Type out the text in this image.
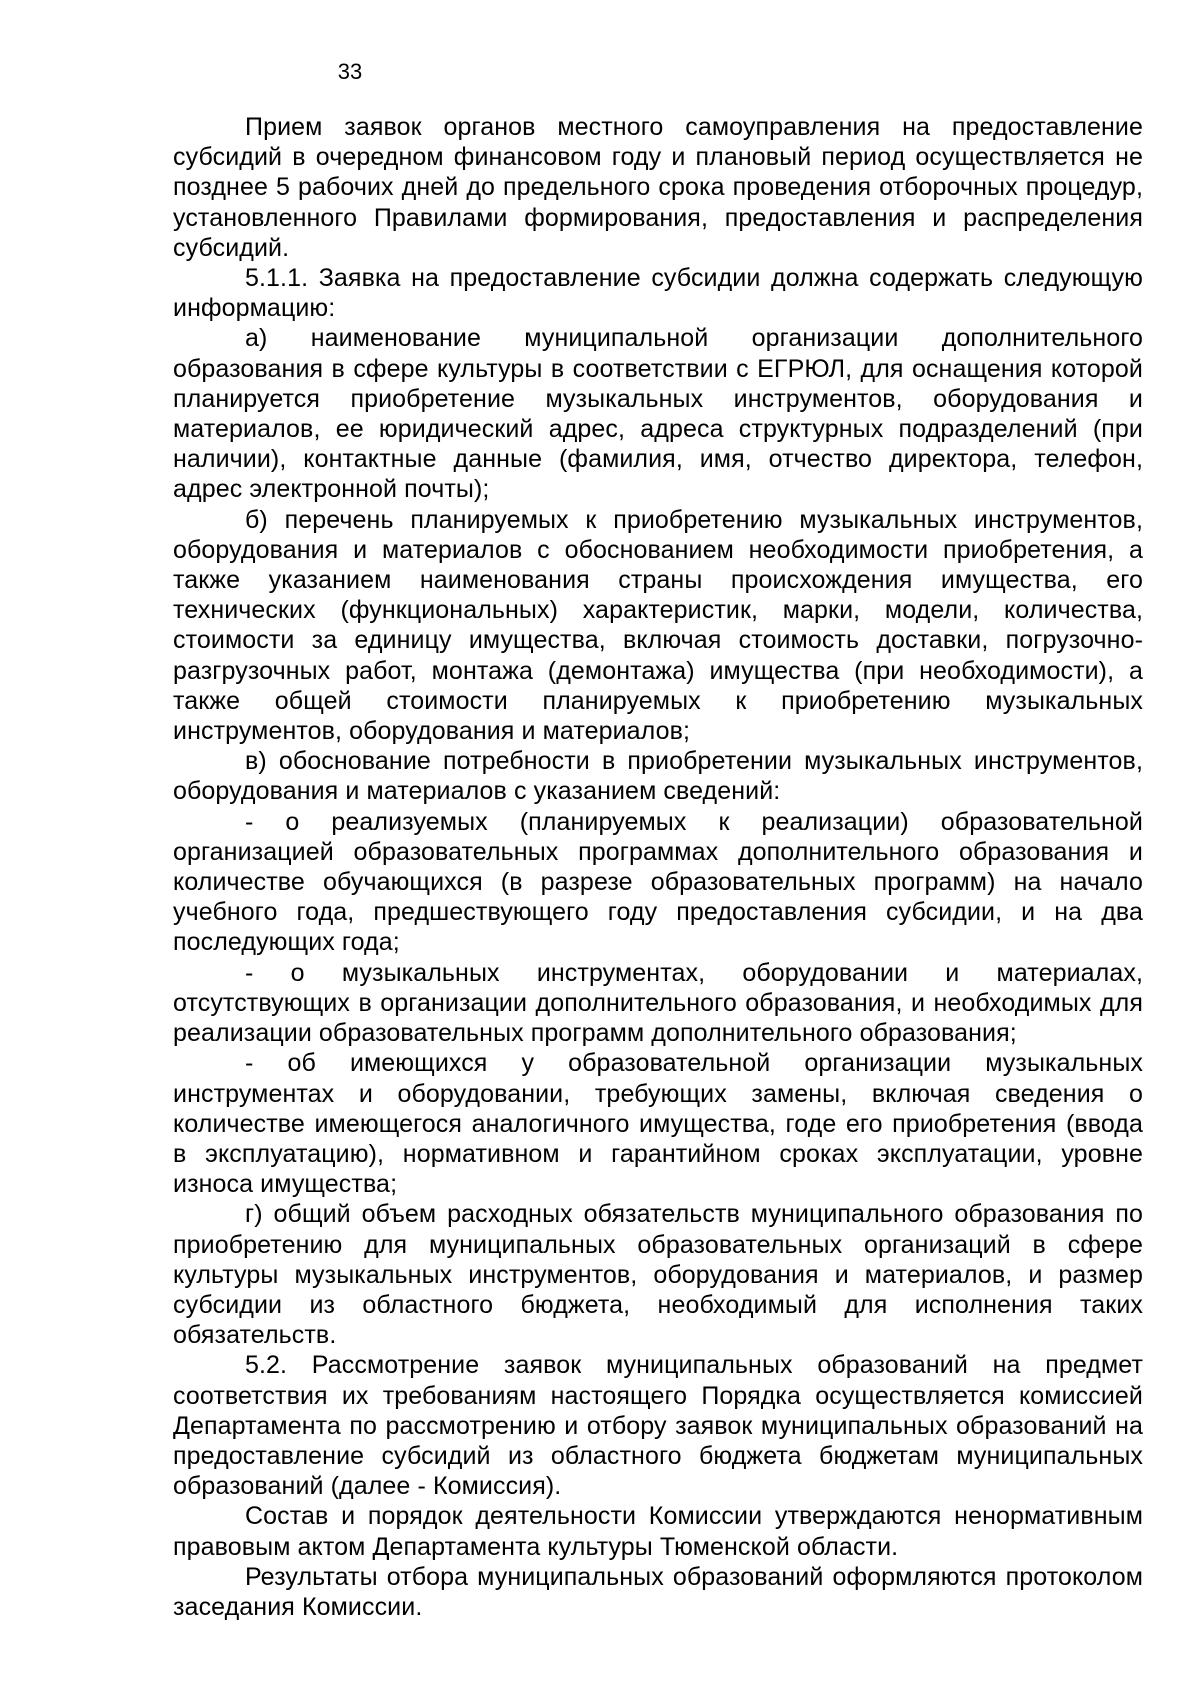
33

Прием заявок органов местного самоуправления на предоставление субсидий в очередном финансовом году и плановый период осуществляется не позднее 5 рабочих дней до предельного срока проведения отборочных процедур, установленного Правилами формирования, предоставления и распределения субсидий.

5.1.1. Заявка на предоставление субсидии должна содержать следующую информацию:

а) наименование муниципальной организации дополнительного образования в сфере культуры в соответствии с ЕГРЮЛ, для оснащения которой планируется приобретение музыкальных инструментов, оборудования и материалов, ее юридический адрес, адреса структурных подразделений (при наличии), контактные данные (фамилия, имя, отчество директора, телефон, адрес электронной почты);

б) перечень планируемых к приобретению музыкальных инструментов, оборудования и материалов с обоснованием необходимости приобретения, а также указанием наименования страны происхождения имущества, его технических (функциональных) характеристик, марки, модели, количества, стоимости за единицу имущества, включая стоимость доставки, погрузочно-разгрузочных работ, монтажа (демонтажа) имущества (при необходимости), а также общей стоимости планируемых к приобретению музыкальных инструментов, оборудования и материалов;

в) обоснование потребности в приобретении музыкальных инструментов, оборудования и материалов с указанием сведений:

- о реализуемых (планируемых к реализации) образовательной организацией образовательных программах дополнительного образования и количестве обучающихся (в разрезе образовательных программ) на начало учебного года, предшествующего году предоставления субсидии, и на два последующих года;

- о музыкальных инструментах, оборудовании и материалах, отсутствующих в организации дополнительного образования, и необходимых для реализации образовательных программ дополнительного образования;

- об имеющихся у образовательной организации музыкальных инструментах и оборудовании, требующих замены, включая сведения о количестве имеющегося аналогичного имущества, годе его приобретения (ввода в эксплуатацию), нормативном и гарантийном сроках эксплуатации, уровне износа имущества;

г) общий объем расходных обязательств муниципального образования по приобретению для муниципальных образовательных организаций в сфере культуры музыкальных инструментов, оборудования и материалов, и размер субсидии из областного бюджета, необходимый для исполнения таких обязательств.

5.2. Рассмотрение заявок муниципальных образований на предмет соответствия их требованиям настоящего Порядка осуществляется комиссией Департамента по рассмотрению и отбору заявок муниципальных образований на предоставление субсидий из областного бюджета бюджетам муниципальных образований (далее - Комиссия).

Состав и порядок деятельности Комиссии утверждаются ненормативным правовым актом Департамента культуры Тюменской области.

Результаты отбора муниципальных образований оформляются протоколом заседания Комиссии.
